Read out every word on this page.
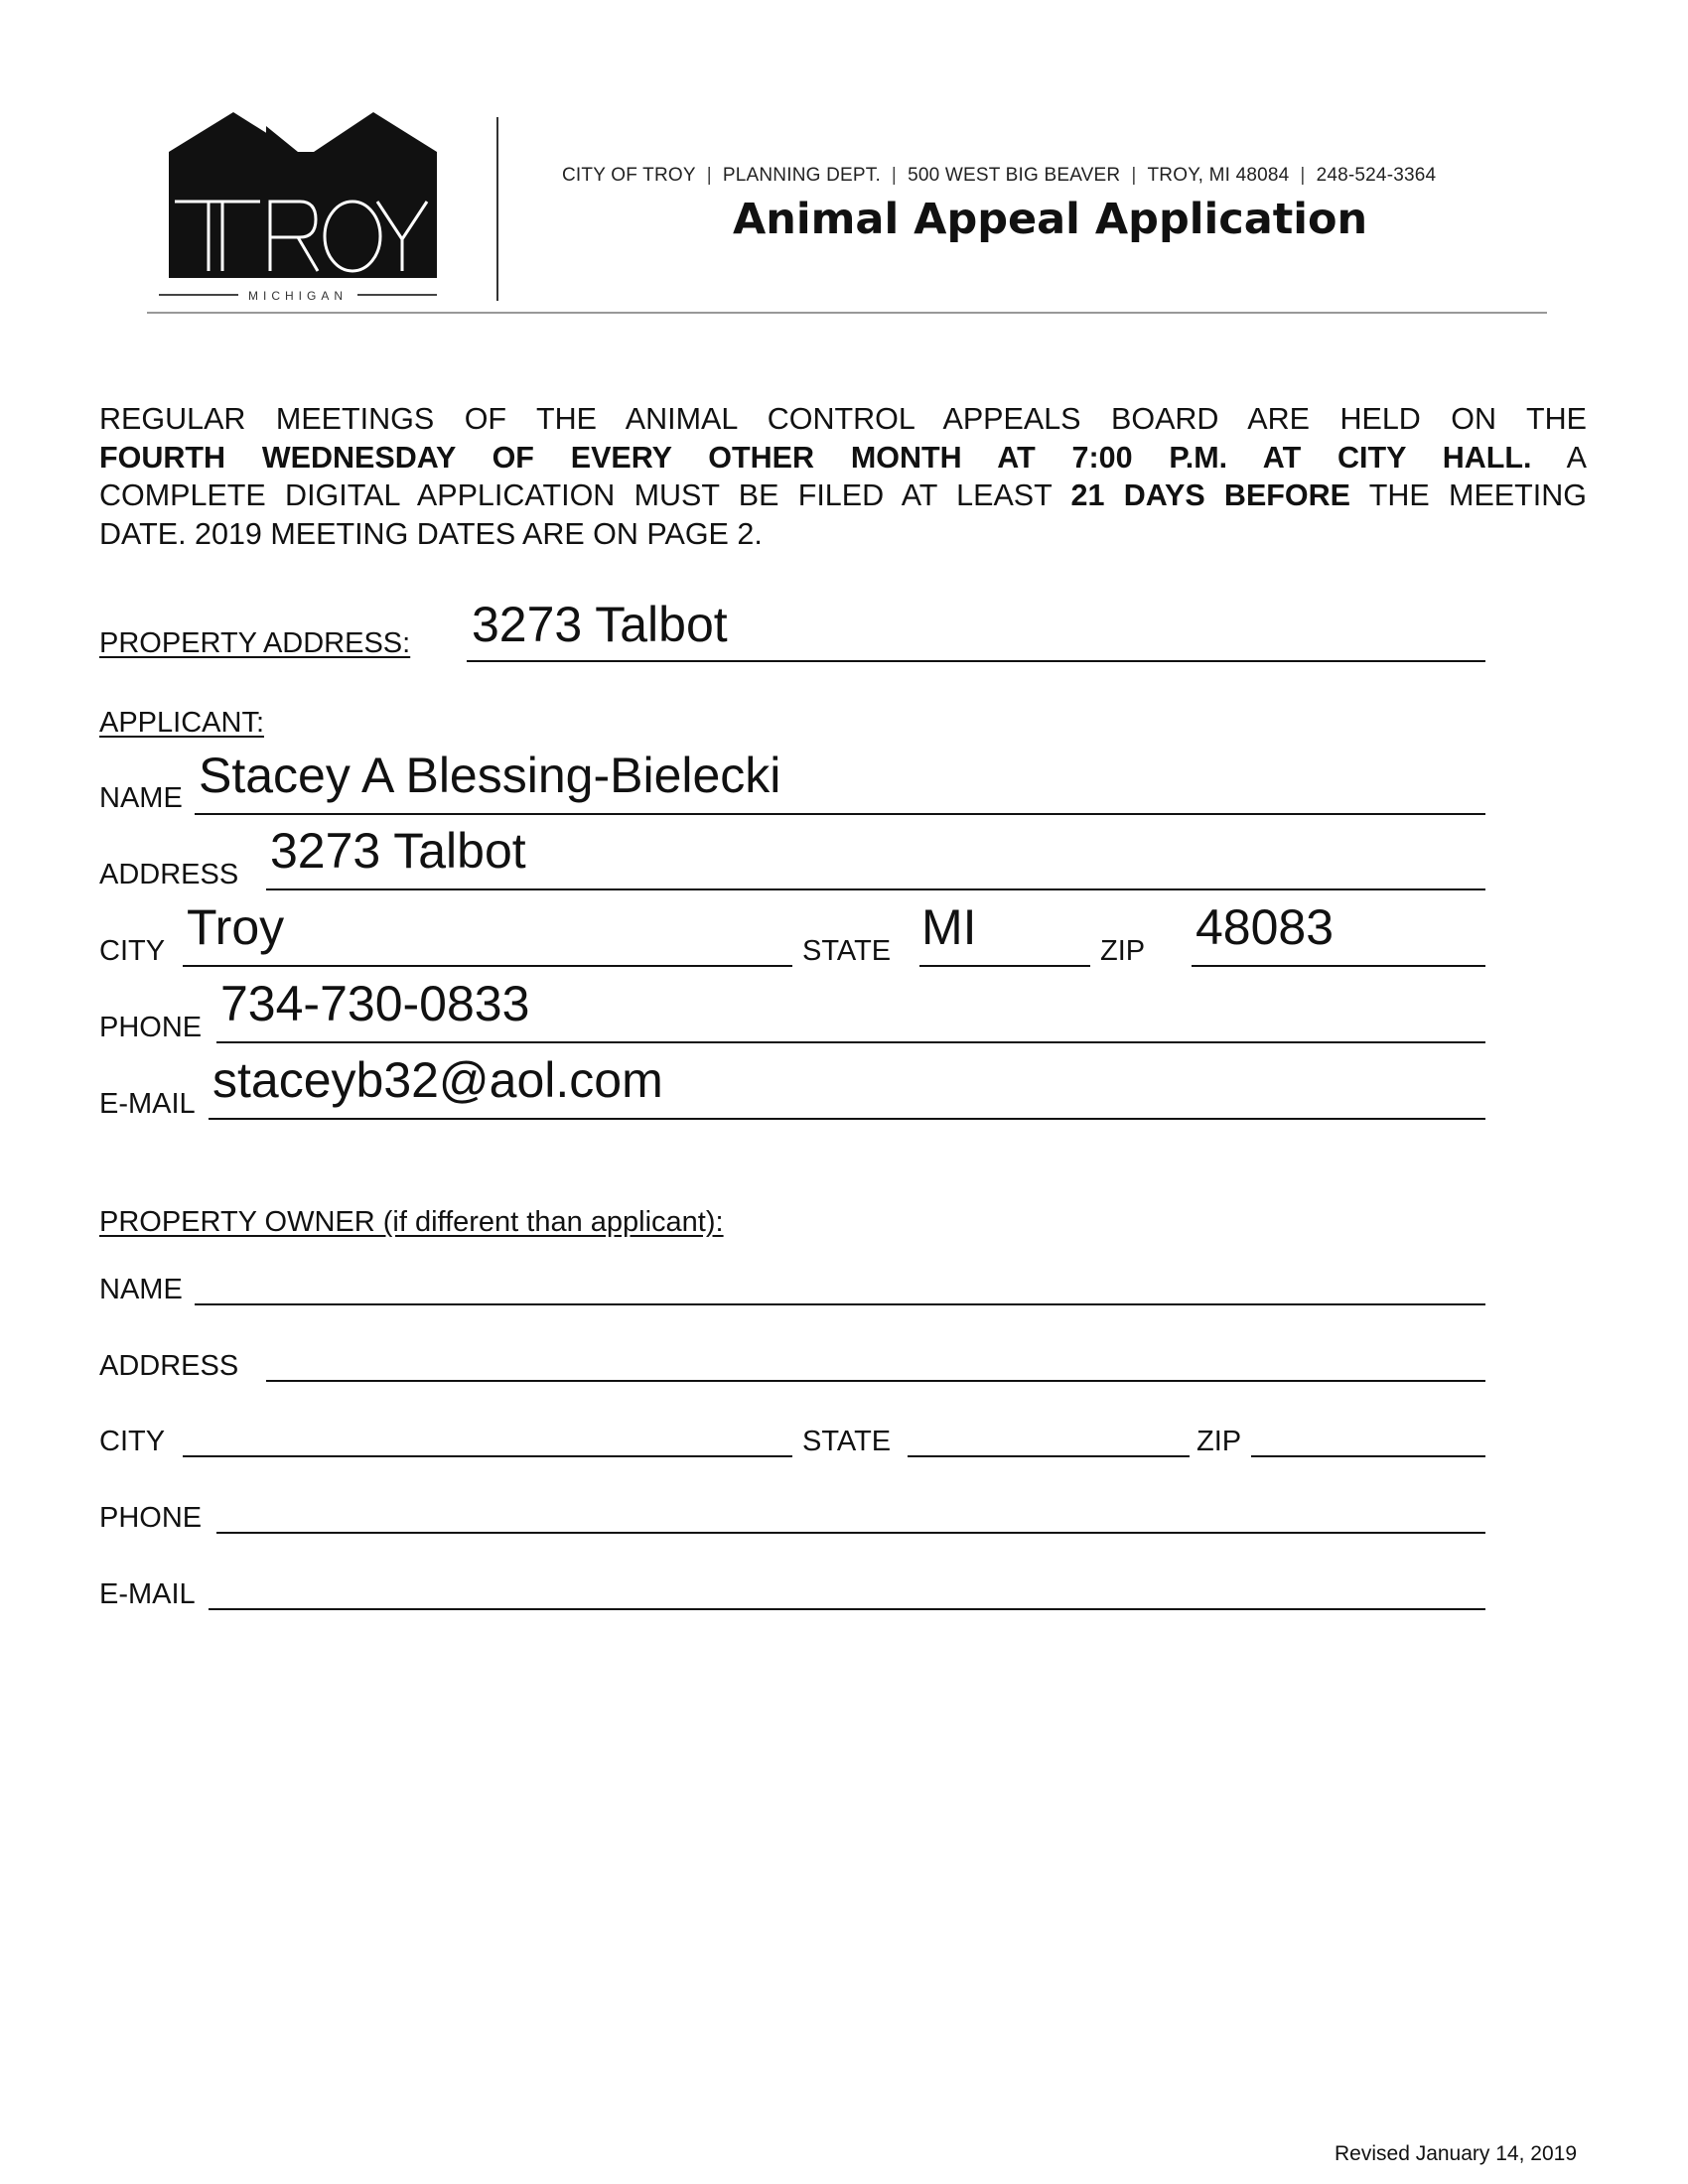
MICHIGAN
CITY OF TROY | PLANNING DEPT. | 500 WEST BIG BEAVER | TROY, MI 48084 | 248-524-3364
Animal Appeal Application
REGULAR MEETINGS OF THE ANIMAL CONTROL APPEALS BOARD ARE HELD ON THE
FOURTH WEDNESDAY OF EVERY OTHER MONTH AT 7:00 P.M. AT CITY HALL. A
COMPLETE DIGITAL APPLICATION MUST BE FILED AT LEAST 21 DAYS BEFORE THE MEETING
DATE. 2019 MEETING DATES ARE ON PAGE 2.
PROPERTY ADDRESS: 3273 Talbot
APPLICANT:
NAME Stacey A Blessing-Bielecki
ADDRESS 3273 Talbot
CITY Troy	STATE MI	ZIP 48083
PHONE 734-730-0833
E-MAIL staceyb32@aol.com
PROPERTY OWNER (if different than applicant):
NAME
ADDRESS
CITY	STATE	ZIP
PHONE
E-MAIL
Revised January 14, 2019
